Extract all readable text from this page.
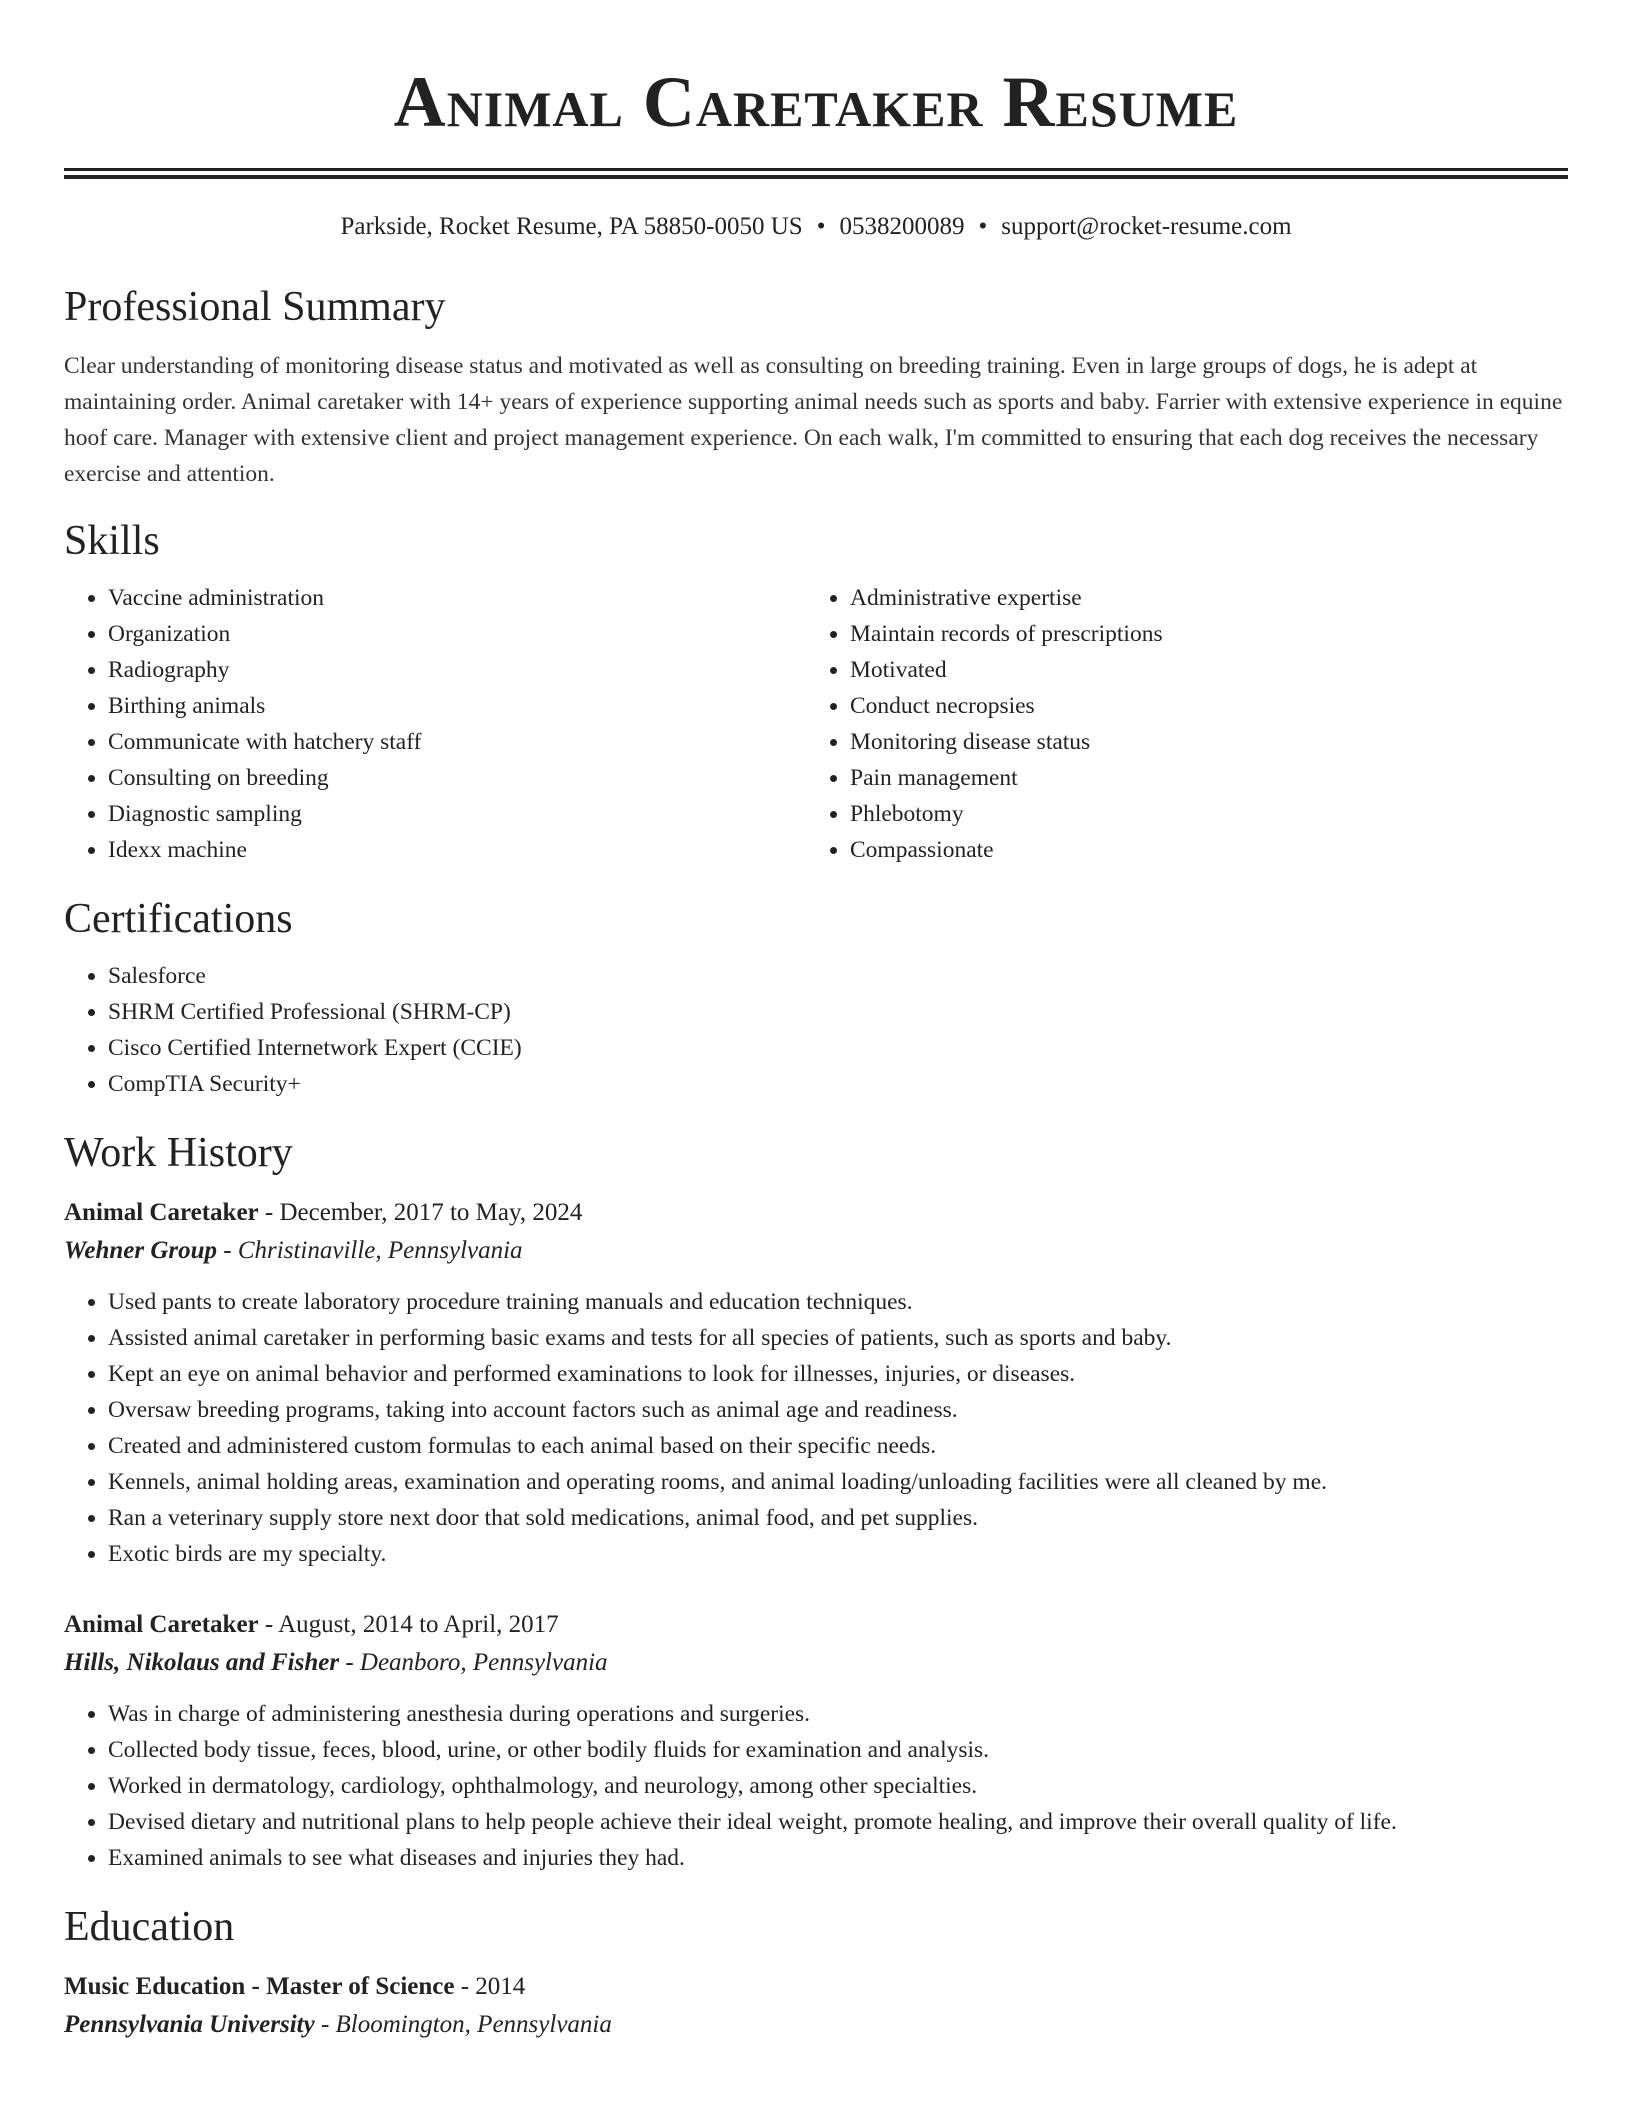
Animal Caretaker Resume
Parkside, Rocket Resume, PA 58850-0050 US • 0538200089 • support@rocket-resume.com
Professional Summary

Clear understanding of monitoring disease status and motivated as well as consulting on breeding training. Even in large groups of dogs, he is adept at maintaining order. Animal caretaker with 14+ years of experience supporting animal needs such as sports and baby. Farrier with extensive experience in equine hoof care. Manager with extensive client and project management experience. On each walk, I'm committed to ensuring that each dog receives the necessary exercise and attention.

Skills
• Vaccine administration
• Organization
• Radiography
• Birthing animals
• Communicate with hatchery staff
• Consulting on breeding
• Diagnostic sampling
• Idexx machine
• Administrative expertise
• Maintain records of prescriptions
• Motivated
• Conduct necropsies
• Monitoring disease status
• Pain management
• Phlebotomy
• Compassionate
Certifications
• Salesforce
• SHRM Certified Professional (SHRM-CP)
• Cisco Certified Internetwork Expert (CCIE)
• CompTIA Security+
Work History
Animal Caretaker - December, 2017 to May, 2024
Wehner Group - Christinaville, Pennsylvania
• Used pants to create laboratory procedure training manuals and education techniques.
• Assisted animal caretaker in performing basic exams and tests for all species of patients, such as sports and baby.
• Kept an eye on animal behavior and performed examinations to look for illnesses, injuries, or diseases.
• Oversaw breeding programs, taking into account factors such as animal age and readiness.
• Created and administered custom formulas to each animal based on their specific needs.
• Kennels, animal holding areas, examination and operating rooms, and animal loading/unloading facilities were all cleaned by me.
• Ran a veterinary supply store next door that sold medications, animal food, and pet supplies.
• Exotic birds are my specialty.
Animal Caretaker - August, 2014 to April, 2017
Hills, Nikolaus and Fisher - Deanboro, Pennsylvania
• Was in charge of administering anesthesia during operations and surgeries.
• Collected body tissue, feces, blood, urine, or other bodily fluids for examination and analysis.
• Worked in dermatology, cardiology, ophthalmology, and neurology, among other specialties.
• Devised dietary and nutritional plans to help people achieve their ideal weight, promote healing, and improve their overall quality of life.
• Examined animals to see what diseases and injuries they had.
Education
Music Education - Master of Science - 2014
Pennsylvania University - Bloomington, Pennsylvania
